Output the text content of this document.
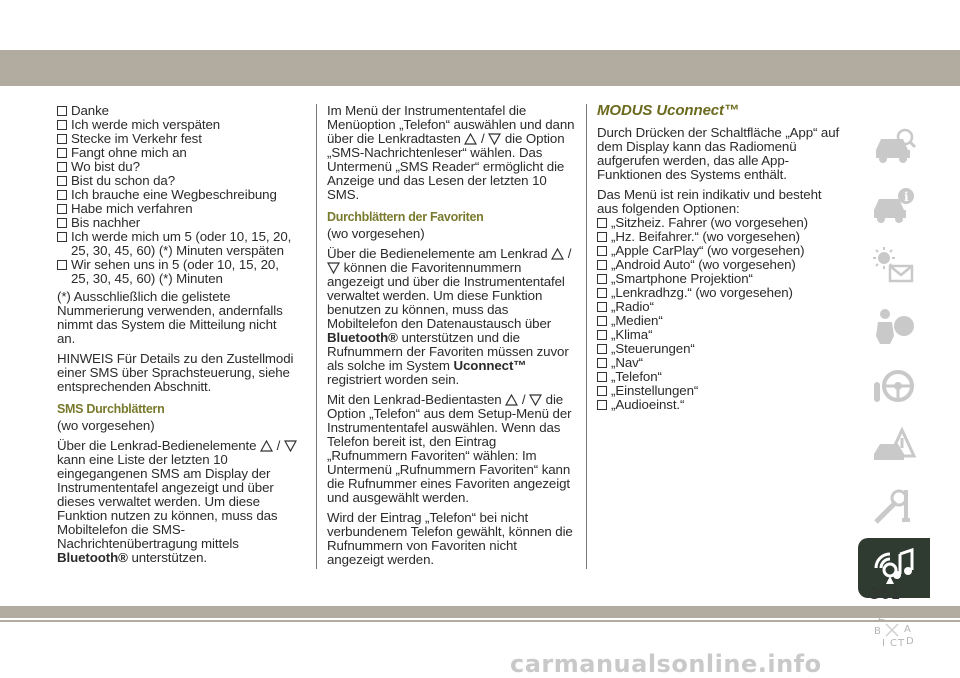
Danke
Ich werde mich verspäten
Stecke im Verkehr fest
Fangt ohne mich an
Wo bist du?
Bist du schon da?
Ich brauche eine Wegbeschreibung
Habe mich verfahren
Bis nachher
Ich werde mich um 5 (oder 10, 15, 20, 25, 30, 45, 60) (*) Minuten verspäten
Wir sehen uns in 5 (oder 10, 15, 20, 25, 30, 45, 60) (*) Minuten

(*) Ausschließlich die gelistete Nummerierung verwenden, andernfalls nimmt das System die Mitteilung nicht an.

HINWEIS Für Details zu den Zustellmodi einer SMS über Sprachsteuerung, siehe entsprechenden Abschnitt.

SMS Durchblättern

(wo vorgesehen)

Über die Lenkrad-Bedienelemente /  kann eine Liste der letzten 10 eingegangenen SMS am Display der Instrumententafel angezeigt und über dieses verwaltet werden. Um diese Funktion nutzen zu können, muss das Mobiltelefon die SMS-Nachrichtenübertragung mittels Bluetooth® unterstützen.

Im Menü der Instrumententafel die Menüoption „Telefon“ auswählen und dann über die Lenkradtasten / die Option „SMS-Nachrichtenleser“ wählen. Das Untermenü „SMS Reader“ ermöglicht die Anzeige und das Lesen der letzten 10 SMS.

Durchblättern der Favoriten

(wo vorgesehen)

Über die Bedienelemente am Lenkrad /  können die Favoritennummern angezeigt und über die Instrumententafel verwaltet werden. Um diese Funktion benutzen zu können, muss das Mobiltelefon den Datenaustausch über Bluetooth® unterstützen und die Rufnummern der Favoriten müssen zuvor als solche im System Uconnect™ registriert worden sein.

Mit den Lenkrad-Bedientasten / die Option „Telefon“ aus dem Setup-Menü der Instrumententafel auswählen. Wenn das Telefon bereit ist, den Eintrag „Rufnummern Favoriten“ wählen: Im Untermenü „Rufnummern Favoriten“ kann die Rufnummer eines Favoriten angezeigt und ausgewählt werden.

Wird der Eintrag „Telefon“ bei nicht verbundenem Telefon gewählt, können die Rufnummern von Favoriten nicht angezeigt werden.

MODUS Uconnect™

Durch Drücken der Schaltfläche „App“ auf dem Display kann das Radiomenü aufgerufen werden, das alle App-Funktionen des Systems enthält.

Das Menü ist rein indikativ und besteht aus folgenden Optionen:

„Sitzheiz. Fahrer (wo vorgesehen)
„Hz. Beifahrer.“ (wo vorgesehen)
„Apple CarPlay“ (wo vorgesehen)
„Android Auto“ (wo vorgesehen)
„Smartphone Projektion“
„Lenkradhzg.“ (wo vorgesehen)
„Radio“
„Medien“
„Klima“
„Steuerungen“
„Nav“
„Telefon“
„Einstellungen“
„Audioeinst.“
i
B A
I C T D
361
carmanualsonline.info
